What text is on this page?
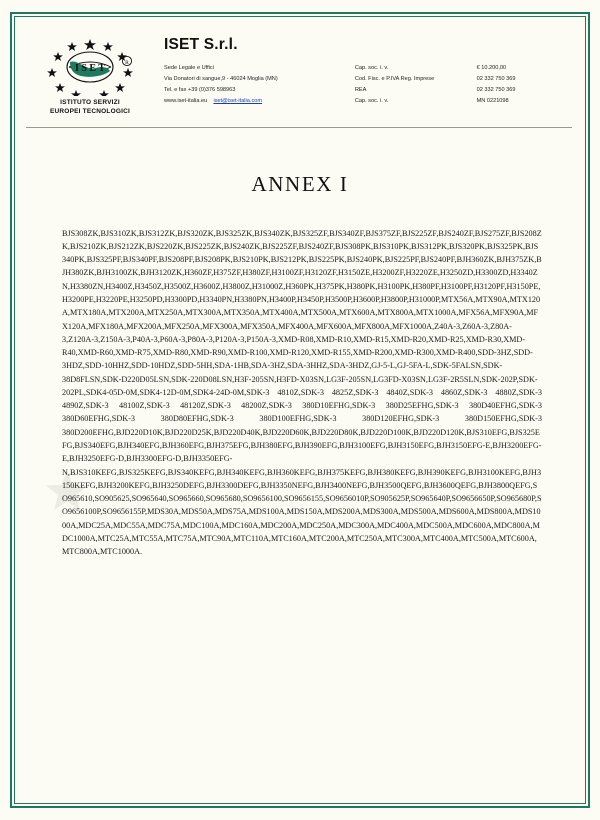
I S E T	R
ISTITUTO SERVIZI
EUROPEI TECNOLOGICI
ISET S.r.l.
Sede Legale e Uffici	Cap. soc. i. v.	€ 10.200,00
Via Donatori di sangue,9 - 46024 Moglia (MN)	Cod. Fisc. e P.IVA Reg. Imprese	02 332 750 369
Tel. e fax +39 (0)376 598963	REA	02 332 750 369
www.iset-italia.eu iset@iset-italia.com	Cap. soc. i. v.	MN 0221098
ANNEX I
BJS308ZK,BJS310ZK,BJS312ZK,BJS320ZK,BJS325ZK,BJS340ZK,BJS325ZF,BJS340ZF,BJS375ZF,BJS225ZF,BJS240ZF,BJS275ZF,BJS208ZK,BJS210ZK,BJS212ZK,BJS220ZK,BJS225ZK,BJS240ZK,BJS225ZF,BJS240ZF,BJS308PK,BJS310PK,BJS312PK,BJS320PK,BJS325PK,BJS340PK,BJS325PF,BJS340PF,BJS208PF,BJS208PK,BJS210PK,BJS212PK,BJS225PK,BJS240PK,BJS225PF,BJS240PF,BJH360ZK,BJH375ZK,BJH380ZK,BJH3100ZK,BJH3120ZK,H360ZF,H375ZF,H380ZF,H3100ZF,H3120ZF,H3150ZE,H3200ZF,H3220ZE,H3250ZD,H3300ZD,H3340ZN,H3380ZN,H3400Z,H3450Z,H3500Z,H3600Z,H3800Z,H31000Z,H360PK,H375PK,H380PK,H3100PK,H380PF,H3100PF,H3120PF,H3150PE,H3200PE,H3220PE,H3250PD,H3300PD,H3340PN,H3380PN,H3400P,H3450P,H3500P,H3600P,H3800P,H31000P,MTX56A,MTX90A,MTX120A,MTX180A,MTX200A,MTX250A,MTX300A,MTX350A,MTX400A,MTX500A,MTX600A,MTX800A,MTX1000A,MFX56A,MFX90A,MFX120A,MFX180A,MFX200A,MFX250A,MFX300A,MFX350A,MFX400A,MFX600A,MFX800A,MFX1000A,Z40A-3,Z60A-3,Z80A-3,Z120A-3,Z150A-3,P40A-3,P60A-3,P80A-3,P120A-3,P150A-3,XMD-R08,XMD-R10,XMD-R15,XMD-R20,XMD-R25,XMD-R30,XMD-R40,XMD-R60,XMD-R75,XMD-R80,XMD-R90,XMD-R100,XMD-R120,XMD-R155,XMD-R200,XMD-R300,XMD-R400,SDD-3HZ,SDD-3HDZ,SDD-10HHZ,SDD-10HDZ,SDD-5HH,SDA-1HB,SDA-3HZ,SDA-3HHZ,SDA-3HDZ,GJ-5-L,GJ-5FA-L,SDK-5FALSN,SDK-38D8FLSN,SDK-D220D05LSN,SDK-220D08LSN,H3F-205SN,H3FD-X03SN,LG3F-205SN,LG3FD-X03SN,LG3F-2R5SLN,SDK-202P,SDK-202PL,SDK4-05D-0M,SDK4-12D-0M,SDK4-24D-0M,SDK-3 4810Z,SDK-3 4825Z,SDK-3 4840Z,SDK-3 4860Z,SDK-3 4880Z,SDK-3 4890Z,SDK-3 48100Z,SDK-3 48120Z,SDK-3 48200Z,SDK-3 380D10EFHG,SDK-3 380D25EFHG,SDK-3 380D40EFHG,SDK-3 380D60EFHG,SDK-3 380D80EFHG,SDK-3 380D100EFHG,SDK-3 380D120EFHG,SDK-3 380D150EFHG,SDK-3 380D200EFHG,BJD220D10K,BJD220D25K,BJD220D40K,BJD220D60K,BJD220D80K,BJD220D100K,BJD220D120K,BJS310EFG,BJS325EFG,BJS340EFG,BJH340EFG,BJH360EFG,BJH375EFG,BJH380EFG,BJH390EFG,BJH3100EFG,BJH3150EFG,BJH3150EFG-E,BJH3200EFG-E,BJH3250EFG-D,BJH3300EFG-D,BJH3350EFG-N,BJS310KEFG,BJS325KEFG,BJS340KEFG,BJH340KEFG,BJH360KEFG,BJH375KEFG,BJH380KEFG,BJH390KEFG,BJH3100KEFG,BJH3150KEFG,BJH3200KEFG,BJH3250DEFG,BJH3300DEFG,BJH3350NEFG,BJH3400NEFG,BJH3500QEFG,BJH3600QEFG,BJH3800QEFG,SO965610,SO905625,SO965640,SO965660,SO965680,SO9656100,SO9656155,SO9656010P,SO905625P,SO965640P,SO9656650P,SO965680P,SO9656100P,SO9656155P,MDS30A,MDS50A,MDS75A,MDS100A,MDS150A,MDS200A,MDS300A,MDS500A,MDS600A,MDS800A,MDS1000A,MDC25A,MDC55A,MDC75A,MDC100A,MDC160A,MDC200A,MDC250A,MDC300A,MDC400A,MDC500A,MDC600A,MDC800A,MDC1000A,MTC25A,MTC55A,MTC75A,MTC90A,MTC110A,MTC160A,MTC200A,MTC250A,MTC300A,MTC400A,MTC500A,MTC600A,MTC800A,MTC1000A.
